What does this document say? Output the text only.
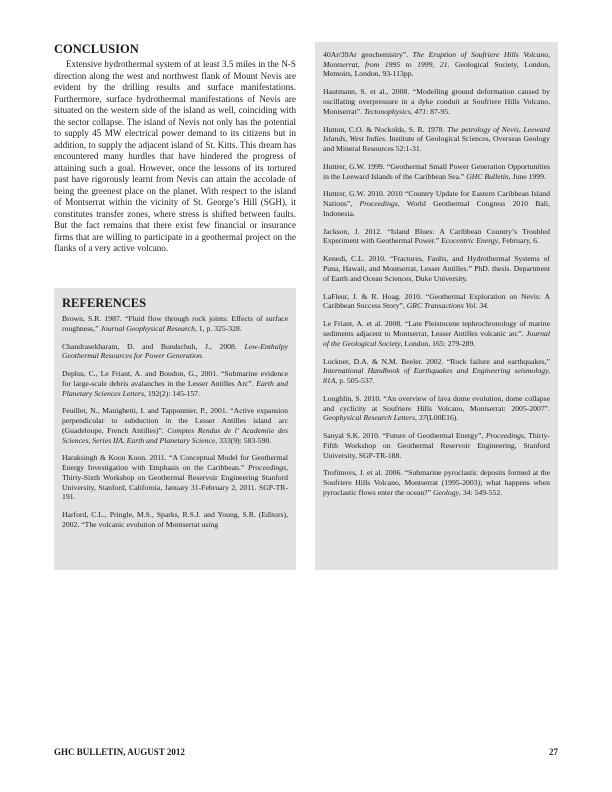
CONCLUSION

Extensive hydrothermal system of at least 3.5 miles in the N-S direction along the west and northwest flank of Mount Nevis are evident by the drilling results and surface manifestations. Furthermore, surface hydrothermal manifestations of Nevis are situated on the western side of the island as well, coinciding with the sector collapse. The island of Nevis not only has the potential to supply 45 MW electrical power demand to its citizens but in addition, to supply the adjacent island of St. Kitts. This dream has encountered many hurdles that have hindered the progress of attaining such a goal. However, once the lessons of its tortured past have rigorously learnt from Nevis can attain the accolade of being the greenest place on the planet. With respect to the island of Montserrat within the vicinity of St. George’s Hill (SGH), it constitutes transfer zones, where stress is shifted between faults. But the fact remains that there exist few financial or insurance firms that are willing to participate in a geothermal project on the flanks of a very active volcano.

REFERENCES

Brown, S.R. 1987. “Fluid flow through rock joints: Effects of surface roughness,” Journal Geophysical Research, 1, p. 325-328.

Chandrasekharam, D. and Bundschuh, J., 2008. Low-Enthalpy Geothermal Resources for Power Generation.

Deplus, C., Le Friant, A. and Boudon, G., 2001. “Submarine evidence for large-scale debris avalanches in the Lesser Antilles Arc”. Earth and Planetary Sciences Letters, 192(2): 145-157.

Feuillet, N., Manighetti, I. and Tapponnier, P., 2001. “Active expansion perpendicular to subduction in the Lesser Antilles island arc (Guadeloupe, French Antilles)”. Comptes Rendus de l’ Academiie des Sciences, Series IIA, Earth and Planetary Science, 333(9): 583-590.

Haraksingh & Koon Koon. 2011. “A Conceptual Model for Geothermal Energy Investigation with Emphasis on the Caribbean.” Proceedings, Thirty-Sixth Workshop on Geothermal Reservoir Engineering Stanford University, Stanford, California, January 31-February 2, 2011. SGP-TR-191.

Harford, C.L., Pringle, M.S., Sparks, R.S.J. and Young, S.R. (Editors), 2002. “The volcanic evolution of Montserrat using

40Ar/39Ar geochemistry”. The Eruption of Soufriere Hills Volcano, Montserrat, from 1995 to 1999, 21. Geological Society, London, Memoirs, London, 93-113pp.

Hautmann, S. et al., 2008. “Modelling ground deformation caused by oscillating overpressure in a dyke conduit at Soufriere Hills Volcano, Montserrat”. Tectonophysics, 471: 87-95.

Hutton, C.O. & Nockolds, S. R. 1978. The petrology of Nevis, Leeward Islands, West Indies. Institute of Geological Sciences, Overseas Geology and Mineral Resources 52:1-31.

Huttrer, G.W. 1999. “Geothermal Small Power Generation Opportunities in the Leeward Islands of the Caribbean Sea.” GHC Bulletin, June 1999.

Huttrer, G.W. 2010. 2010 “Country Update for Eastern Caribbean Island Nations”, Proceedings, World Geothermal Congress 2010 Bali, Indonesia.

Jackson, J. 2012. “Island Blues: A Caribbean Country’s Troubled Experiment with Geothermal Power.” Ecocentric Energy, February, 6.

Kenedi, C.L. 2010. “Fractures, Faults, and Hydrothermal Systems of Puna, Hawaii, and Montserrat, Lesser Antilles.” PhD. thesis. Department of Earth and Ocean Sciences, Duke University.

LaFleur, J. & R. Hoag. 2010. “Geothermal Exploration on Nevis: A Caribbean Success Story”, GRC Transactions Vol. 34.

Le Friant, A. et al. 2008. “Late Pleistocene tephrochronology of marine sediments adjacent to Montserrat, Lesser Antilles volcanic arc”. Journal of the Geological Society, London, 165: 279-289.

Lockner, D.A. & N.M. Beeler. 2002. “Rock failure and earthquakes,” International Handbook of Earthquakes and Engineering seismology, 81A, p. 505-537.

Loughlin, S. 2010. “An overview of lava dome evolution, dome collapse and cyclicity at Soufriere Hills Volcano, Montserrat: 2005-2007”. Geophysical Research Letters, 37(L00E16).

Sanyal S.K. 2010. “Future of Geothermal Energy”, Proceedings, Thirty-Fifth Workshop on Geothermal Reservoir Engineering, Stanford University, SGP-TR-188.

Trofimovs, J. et al. 2006. “Submarine pyroclastic deposits formed at the Soufriere Hills Volcano, Montserrat (1995-2003); what happens when pyroclastic flows enter the ocean?” Geology, 34: 549-552.

GHC BULLETIN, AUGUST 2012	27
